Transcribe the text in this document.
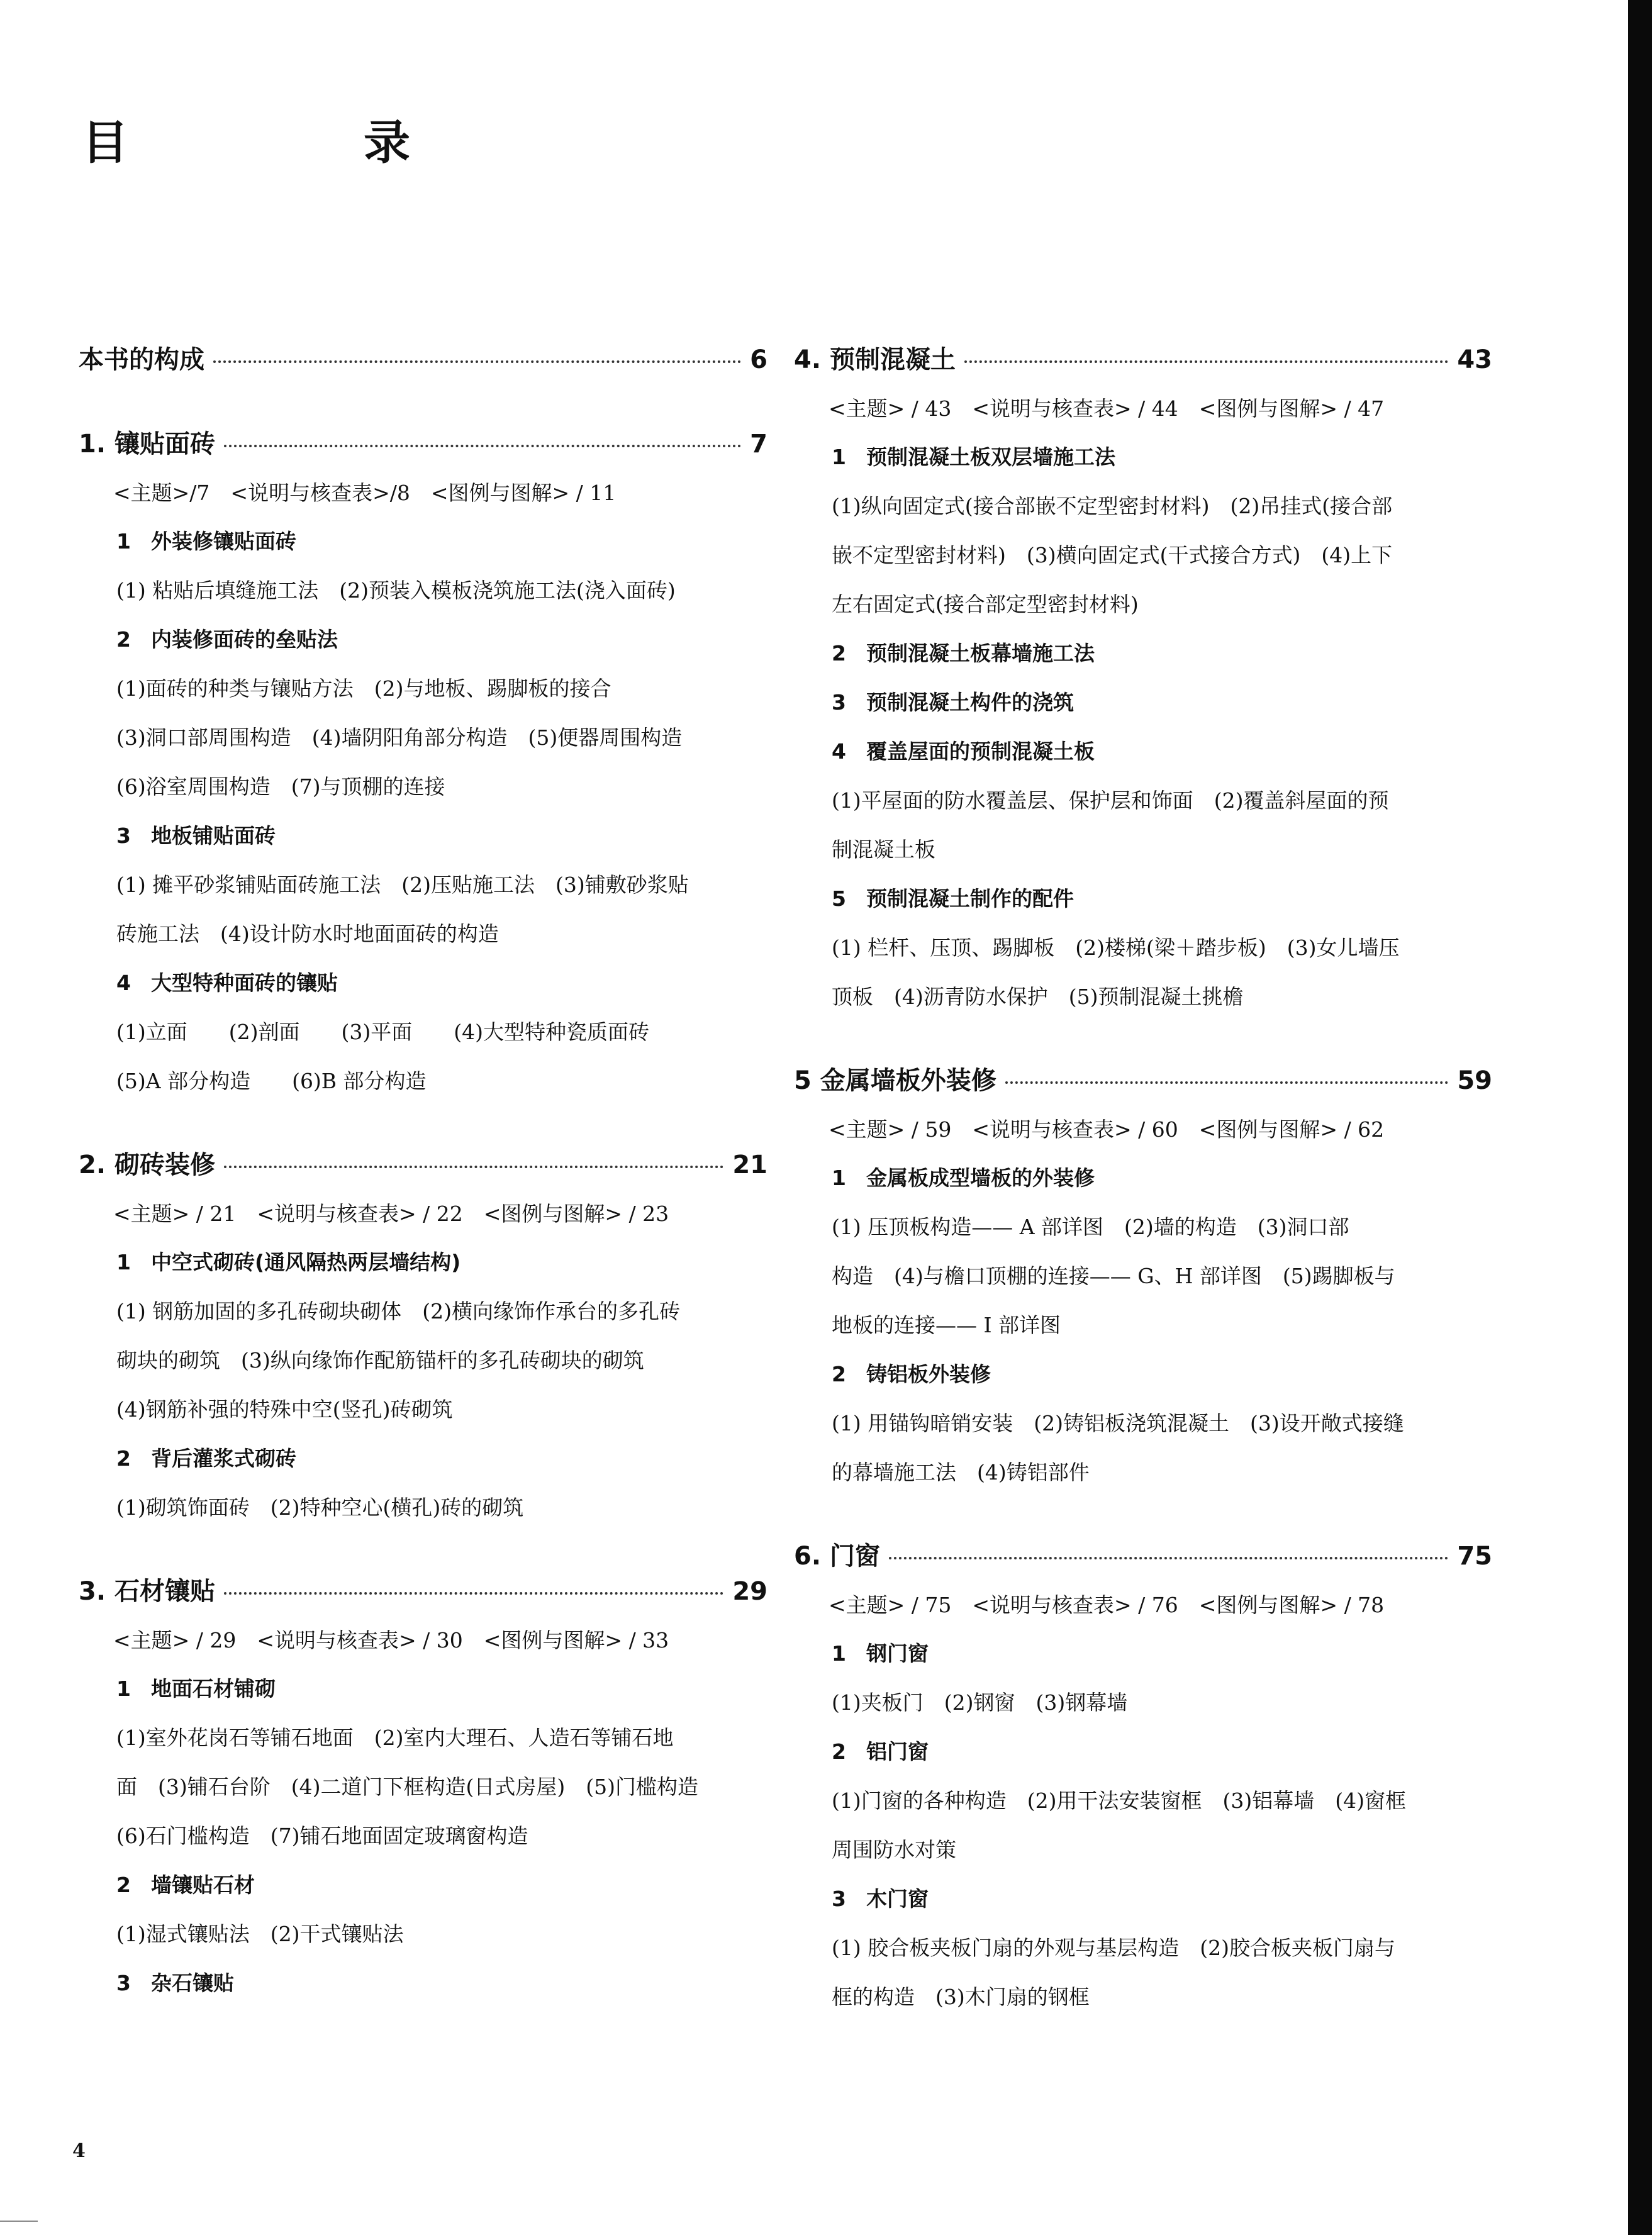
目　录
本书的构成	6
1. 镶贴面砖	7
<主题>/7　<说明与核查表>/8　<图例与图解> / 11
1 外装修镶贴面砖
(1) 粘贴后填缝施工法　(2)预装入模板浇筑施工法(浇入面砖)
2 内装修面砖的垒贴法
(1)面砖的种类与镶贴方法　(2)与地板、踢脚板的接合
(3)洞口部周围构造　(4)墙阴阳角部分构造　(5)便器周围构造
(6)浴室周围构造　(7)与顶棚的连接
3 地板铺贴面砖
(1) 摊平砂浆铺贴面砖施工法　(2)压贴施工法　(3)铺敷砂浆贴
砖施工法　(4)设计防水时地面面砖的构造
4 大型特种面砖的镶贴
(1)立面　　(2)剖面　　(3)平面　　(4)大型特种瓷质面砖
(5)A 部分构造　　(6)B 部分构造
2. 砌砖装修	21
<主题> / 21　<说明与核查表> / 22　<图例与图解> / 23
1 中空式砌砖(通风隔热两层墙结构)
(1) 钢筋加固的多孔砖砌块砌体　(2)横向缘饰作承台的多孔砖
砌块的砌筑　(3)纵向缘饰作配筋锚杆的多孔砖砌块的砌筑
(4)钢筋补强的特殊中空(竖孔)砖砌筑
2 背后灌浆式砌砖
(1)砌筑饰面砖　(2)特种空心(横孔)砖的砌筑
3. 石材镶贴	29
<主题> / 29　<说明与核查表> / 30　<图例与图解> / 33
1 地面石材铺砌
(1)室外花岗石等铺石地面　(2)室内大理石、人造石等铺石地
面　(3)铺石台阶　(4)二道门下框构造(日式房屋)　(5)门槛构造
(6)石门槛构造　(7)铺石地面固定玻璃窗构造
2 墙镶贴石材
(1)湿式镶贴法　(2)干式镶贴法
3 杂石镶贴
4. 预制混凝土	43
<主题> / 43　<说明与核查表> / 44　<图例与图解> / 47
1 预制混凝土板双层墙施工法
(1)纵向固定式(接合部嵌不定型密封材料)　(2)吊挂式(接合部
嵌不定型密封材料)　(3)横向固定式(干式接合方式)　(4)上下
左右固定式(接合部定型密封材料)
2 预制混凝土板幕墙施工法
3 预制混凝土构件的浇筑
4 覆盖屋面的预制混凝土板
(1)平屋面的防水覆盖层、保护层和饰面　(2)覆盖斜屋面的预
制混凝土板
5 预制混凝土制作的配件
(1) 栏杆、压顶、踢脚板　(2)楼梯(梁＋踏步板)　(3)女儿墙压
顶板　(4)沥青防水保护　(5)预制混凝土挑檐
5 金属墙板外装修	59
<主题> / 59　<说明与核查表> / 60　<图例与图解> / 62
1 金属板成型墙板的外装修
(1) 压顶板构造—— A 部详图　(2)墙的构造　(3)洞口部
构造　(4)与檐口顶棚的连接—— G、H 部详图　(5)踢脚板与
地板的连接—— I 部详图
2 铸铝板外装修
(1) 用锚钩暗销安装　(2)铸铝板浇筑混凝土　(3)设开敞式接缝
的幕墙施工法　(4)铸铝部件
6. 门窗	75
<主题> / 75　<说明与核查表> / 76　<图例与图解> / 78
1 钢门窗
(1)夹板门　(2)钢窗　(3)钢幕墙
2 铝门窗
(1)门窗的各种构造　(2)用干法安装窗框　(3)铝幕墙　(4)窗框
周围防水对策
3 木门窗
(1) 胶合板夹板门扇的外观与基层构造　(2)胶合板夹板门扇与
框的构造　(3)木门扇的钢框
4
